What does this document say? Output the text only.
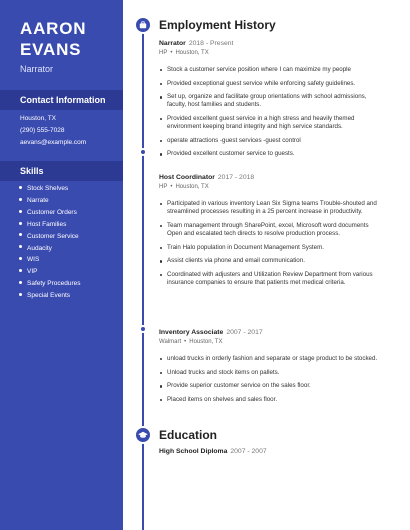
AARON
EVANS
Narrator
Contact Information
Houston, TX
(290) 555-7028
aevans@example.com
Skills
Stock Shelves
Narrate
Customer Orders
Host Families
Customer Service
Audacity
WIS
VIP
Safety Procedures
Special Events
Employment History
Narrator 2018 - Present
HP • Houston, TX
Stock a customer service position where I can maximize my people
Provided exceptional guest service while enforcing safety guidelines.
Set up, organize and facilitate group orientations with school admissions, faculty, host families and students.
Provided excellent guest service in a high stress and heavily themed environment keeping brand integrity and high service standards.
operate attractions -guest services -guest control
Provided excellent customer service to guests.
Host Coordinator 2017 - 2018
HP • Houston, TX
Participated in various inventory Lean Six Sigma teams Trouble-shouted and streamlined processes resulting in a 25 percent increase in productivity.
Team management through SharePoint, excel, Microsoft word documents Open and escalated tech directs to resolve production process.
Train Halo population in Document Management System.
Assist clients via phone and email communication.
Coordinated with adjusters and Utilization Review Department from various insurance companies to ensure that patients met medical criteria.
Inventory Associate 2007 - 2017
Walmart • Houston, TX
unload trucks in orderly fashion and separate or stage product to be stocked.
Unload trucks and stock items on pallets.
Provide superior customer service on the sales floor.
Placed items on shelves and sales floor.
Education
High School Diploma 2007 - 2007
